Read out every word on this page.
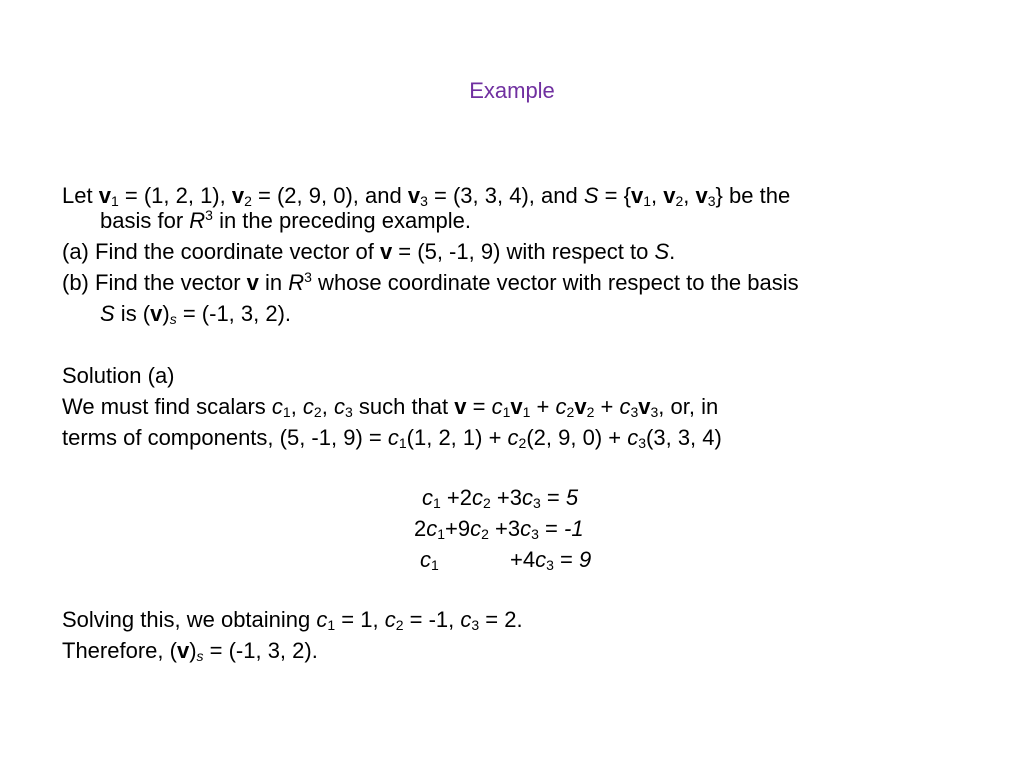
Example
Let $v_1 = (1$, 2, 1), $v_2 = (2$, 9, 0), and $v_3 = (3$, 3, 4), and $S = \{v_1$, $v_2$, $v_3$} be the
basis for $R^3$ in the preceding example.
(a) Find the coordinate vector of v = (5, -1, 9) with respect to S.
(b) Find the vector v in $R^3$ whose coordinate vector with respect to the basis
S is $(v)_s = (-1$, 3, 2).
Solution (a)
We must find scalars $c_1$, $c_2$, $c_3$ such that $v = c_1v_1 + c_2v_2 + c_3v_3$, or, in
terms of components, (5, -1, $9) = c_1(1$, 2, $1) + c_2(2$, 9, $0) + c_3(3$, 3, 4)
$c_1 +2c_2 +3c_3 = 5$
$2c_1+9c_2 +3c_3 = -1$
$c_1$	$+4c_3 = 9$
Solving this, we obtaining $c_1 = 1$, $c_2 = -1$, $c_3 = 2$.
Therefore, $(v)_s = (-1$, 3, 2).
